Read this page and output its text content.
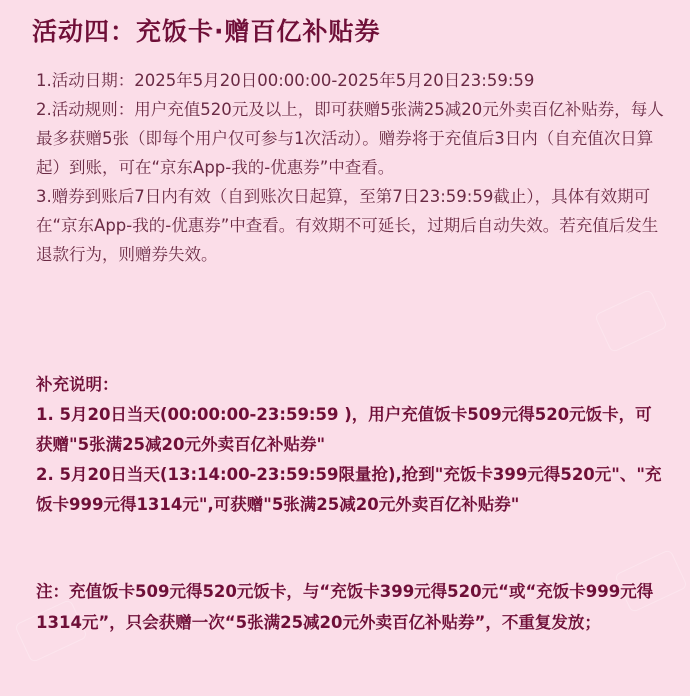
活动四：充饭卡·赠百亿补贴券

1.活动日期：2025年5月20日00:00:00-2025年5月20日23:59:59

2.活动规则：用户充值520元及以上，即可获赠5张满25减20元外卖百亿补贴券，每人最多获赠5张（即每个用户仅可参与1次活动）。赠券将于充值后3日内（自充值次日算起）到账，可在“京东App-我的-优惠券”中查看。

3.赠券到账后7日内有效（自到账次日起算，至第7日23:59:59截止），具体有效期可在“京东App-我的-优惠券”中查看。有效期不可延长，过期后自动失效。若充值后发生退款行为，则赠券失效。

补充说明：

1. 5月20日当天(00:00:00-23:59:59 )，用户充值饭卡509元得520元饭卡，可获赠"5张满25减20元外卖百亿补贴券"

2. 5月20日当天(13:14:00-23:59:59限量抢),抢到"充饭卡399元得520元"、"充饭卡999元得1314元",可获赠"5张满25减20元外卖百亿补贴券"

注：充值饭卡509元得520元饭卡，与“充饭卡399元得520元“或“充饭卡999元得1314元”，只会获赠一次“5张满25减20元外卖百亿补贴券”，不重复发放；
